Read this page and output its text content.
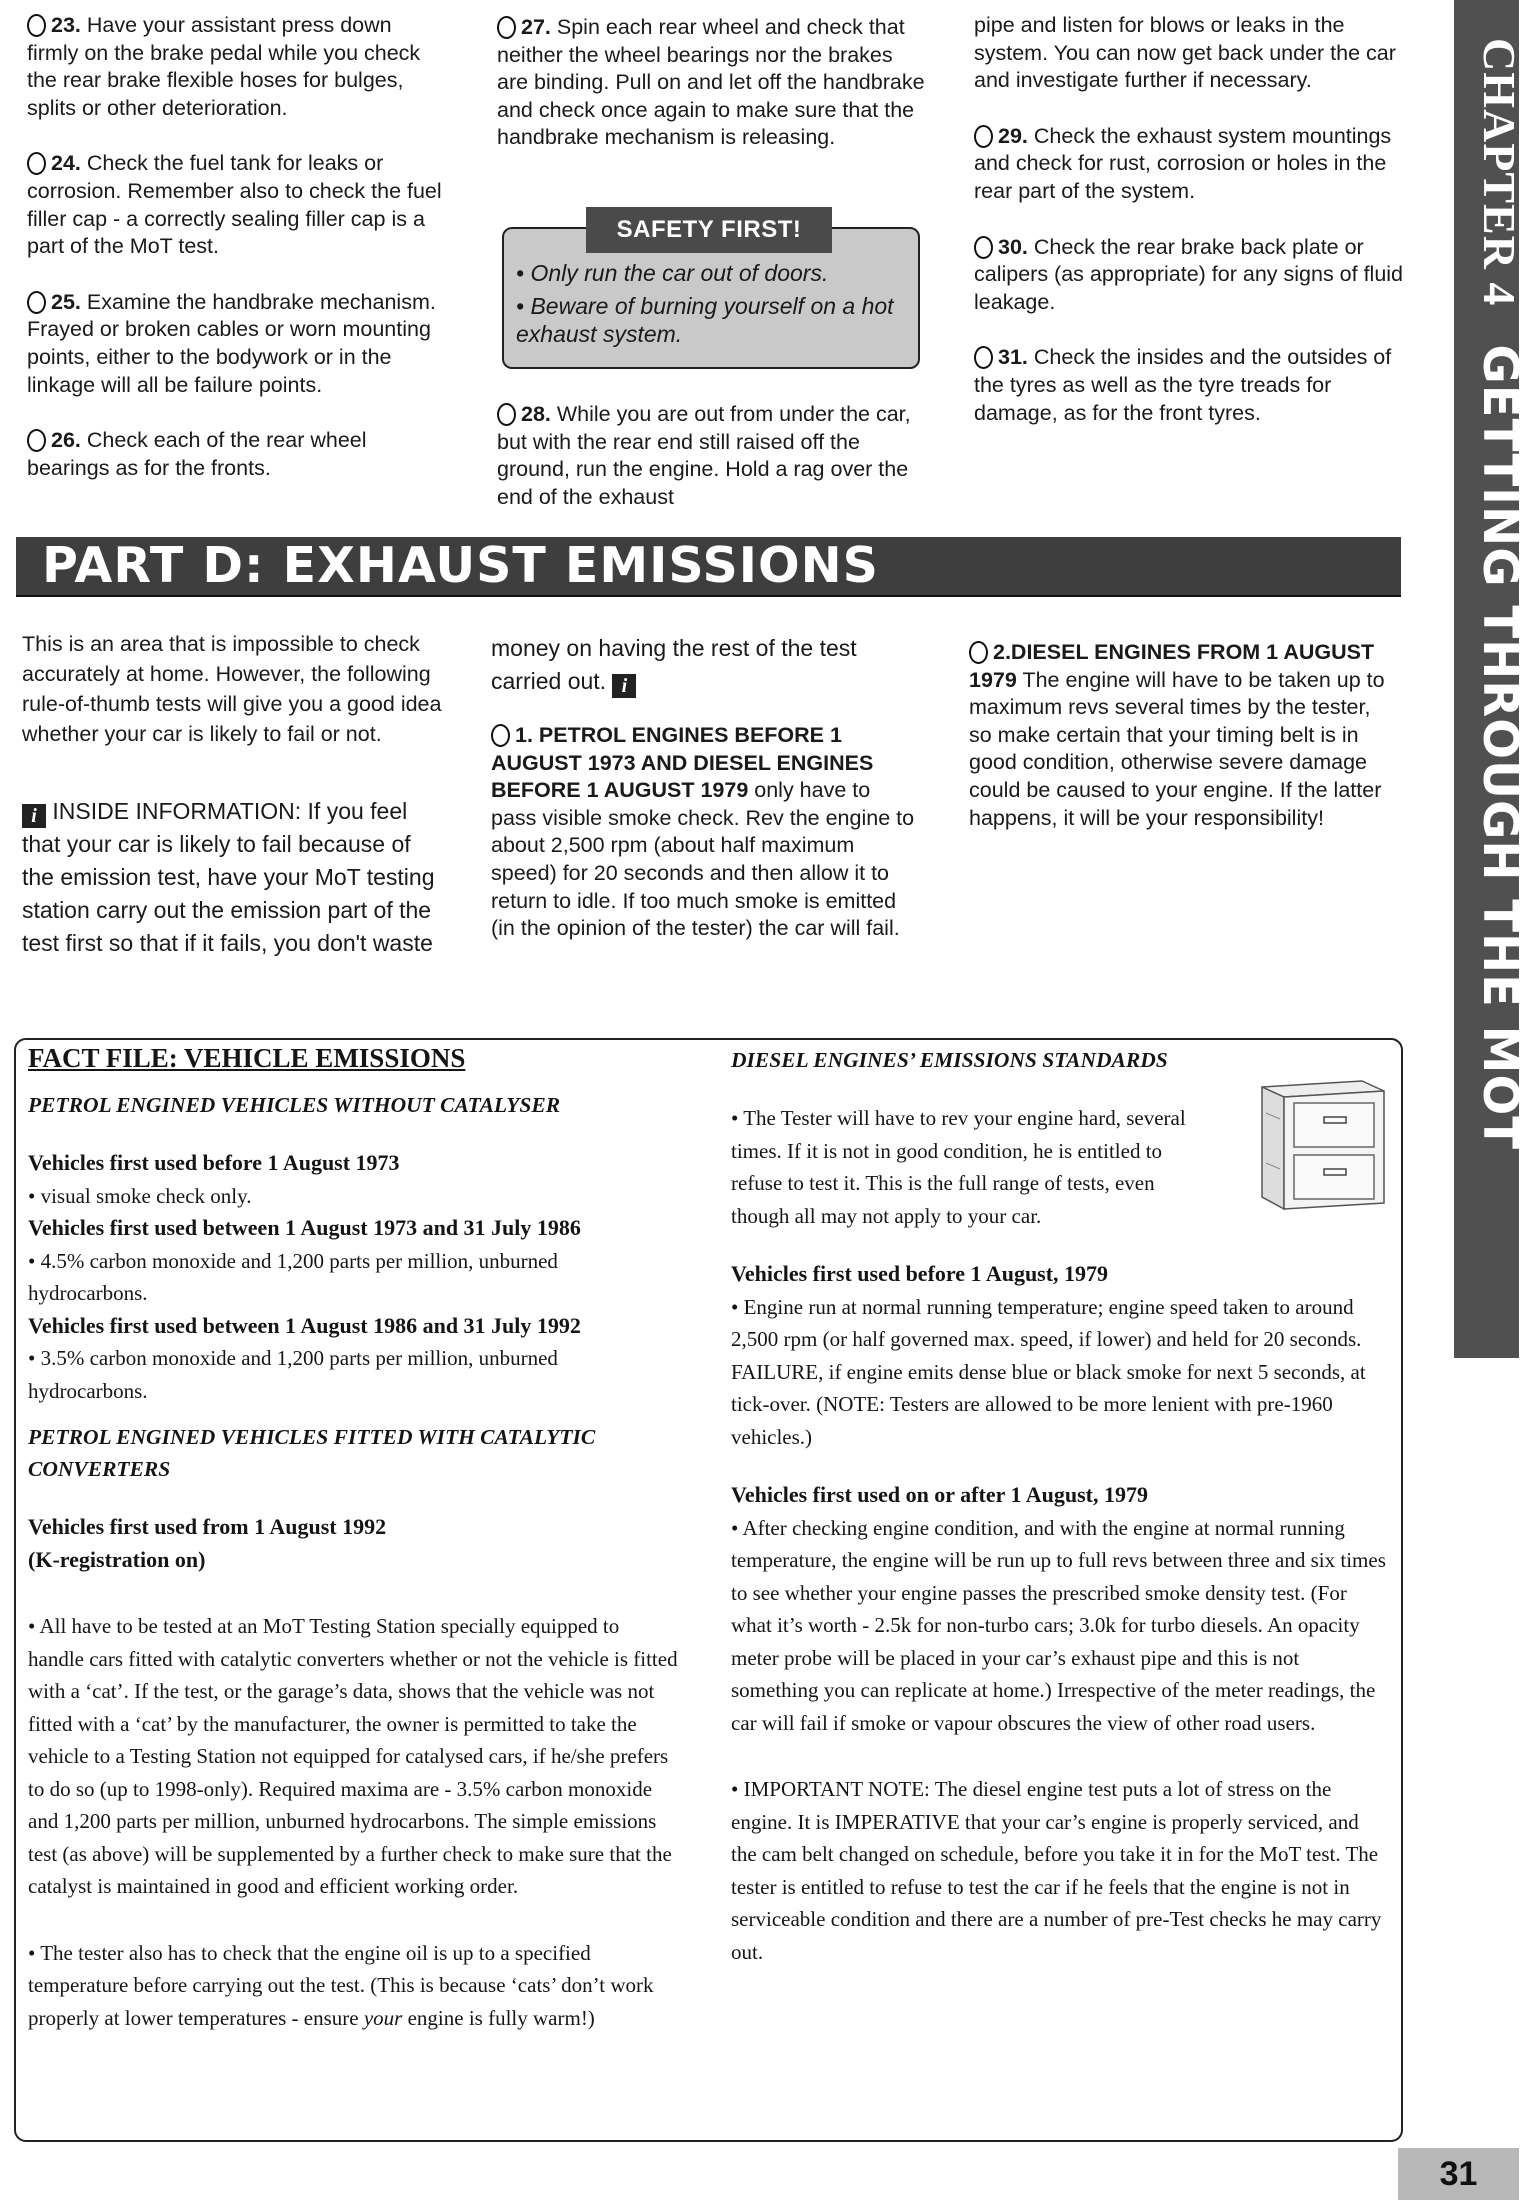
CHAPTER 4GETTING THROUGH THE MOT
23. Have your assistant press down firmly on the brake pedal while you check the rear brake flexible hoses for bulges, splits or other deterioration.
24. Check the fuel tank for leaks or corrosion. Remember also to check the fuel filler cap - a correctly sealing filler cap is a part of the MoT test.
25. Examine the handbrake mechanism. Frayed or broken cables or worn mounting points, either to the bodywork or in the linkage will all be failure points.
26. Check each of the rear wheel bearings as for the fronts.
27. Spin each rear wheel and check that neither the wheel bearings nor the brakes are binding. Pull on and let off the handbrake and check once again to make sure that the handbrake mechanism is releasing.
28. While you are out from under the car, but with the rear end still raised off the ground, run the engine. Hold a rag over the end of the exhaust
SAFETY FIRST!
• Only run the car out of doors.
• Beware of burning yourself on a hot exhaust system.
pipe and listen for blows or leaks in the system. You can now get back under the car and investigate further if necessary.
29. Check the exhaust system mountings and check for rust, corrosion or holes in the rear part of the system.
30. Check the rear brake back plate or calipers (as appropriate) for any signs of fluid leakage.
31. Check the insides and the outsides of the tyres as well as the tyre treads for damage, as for the front tyres.
PART D: EXHAUST EMISSIONS
This is an area that is impossible to check accurately at home. However, the following rule-of-thumb tests will give you a good idea whether your car is likely to fail or not.
i INSIDE INFORMATION: If you feel that your car is likely to fail because of the emission test, have your MoT testing station carry out the emission part of the test first so that if it fails, you don't waste
money on having the rest of the test carried out. i
1. PETROL ENGINES BEFORE 1 AUGUST 1973 AND DIESEL ENGINES BEFORE 1 AUGUST 1979 only have to pass visible smoke check. Rev the engine to about 2,500 rpm (about half maximum speed) for 20 seconds and then allow it to return to idle. If too much smoke is emitted (in the opinion of the tester) the car will fail.
2.DIESEL ENGINES FROM 1 AUGUST 1979 The engine will have to be taken up to maximum revs several times by the tester, so make certain that your timing belt is in good condition, otherwise severe damage could be caused to your engine. If the latter happens, it will be your responsibility!

FACT FILE: VEHICLE EMISSIONS

PETROL ENGINED VEHICLES WITHOUT CATALYSER

Vehicles first used before 1 August 1973

• visual smoke check only.

Vehicles first used between 1 August 1973 and 31 July 1986

• 4.5% carbon monoxide and 1,200 parts per million, unburned hydrocarbons.

Vehicles first used between 1 August 1986 and 31 July 1992

• 3.5% carbon monoxide and 1,200 parts per million, unburned hydrocarbons.

PETROL ENGINED VEHICLES FITTED WITH CATALYTIC CONVERTERS

Vehicles first used from 1 August 1992

(K-registration on)

• All have to be tested at an MoT Testing Station specially equipped to handle cars fitted with catalytic converters whether or not the vehicle is fitted with a ‘cat’. If the test, or the garage’s data, shows that the vehicle was not fitted with a ‘cat’ by the manufacturer, the owner is permitted to take the vehicle to a Testing Station not equipped for catalysed cars, if he/she prefers to do so (up to 1998-only). Required maxima are - 3.5% carbon monoxide and 1,200 parts per million, unburned hydrocarbons. The simple emissions test (as above) will be supplemented by a further check to make sure that the catalyst is maintained in good and efficient working order.

• The tester also has to check that the engine oil is up to a specified temperature before carrying out the test. (This is because ‘cats’ don’t work properly at lower temperatures - ensure your engine is fully warm!)

DIESEL ENGINES’ EMISSIONS STANDARDS

• The Tester will have to rev your engine hard, several times. If it is not in good condition, he is entitled to refuse to test it. This is the full range of tests, even though all may not apply to your car.

Vehicles first used before 1 August, 1979

• Engine run at normal running temperature; engine speed taken to around 2,500 rpm (or half governed max. speed, if lower) and held for 20 seconds. FAILURE, if engine emits dense blue or black smoke for next 5 seconds, at tick-over. (NOTE: Testers are allowed to be more lenient with pre-1960 vehicles.)

Vehicles first used on or after 1 August, 1979

• After checking engine condition, and with the engine at normal running temperature, the engine will be run up to full revs between three and six times to see whether your engine passes the prescribed smoke density test. (For what it’s worth - 2.5k for non-turbo cars; 3.0k for turbo diesels. An opacity meter probe will be placed in your car’s exhaust pipe and this is not something you can replicate at home.) Irrespective of the meter readings, the car will fail if smoke or vapour obscures the view of other road users.

• IMPORTANT NOTE: The diesel engine test puts a lot of stress on the engine. It is IMPERATIVE that your car’s engine is properly serviced, and the cam belt changed on schedule, before you take it in for the MoT test. The tester is entitled to refuse to test the car if he feels that the engine is not in serviceable condition and there are a number of pre-Test checks he may carry out.

31
